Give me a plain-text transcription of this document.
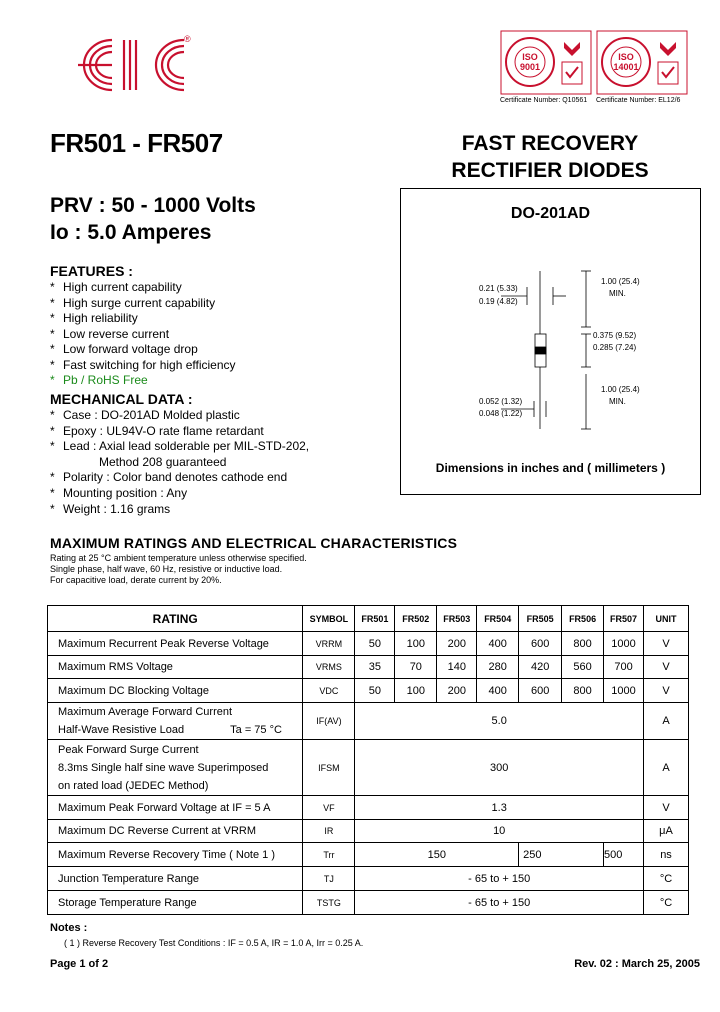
®
ISO
9001
Certificate Number: Q10561
ISO
14001
Certificate Number: EL12/6
FR501 - FR507	FAST RECOVERY
RECTIFIER DIODES
PRV : 50 - 1000 Volts
Io : 5.0 Amperes
FEATURES :
* High current capability
* High surge current capability
* High reliability
* Low reverse current
* Low forward voltage drop
* Fast switching for high efficiency
* Pb / RoHS Free
MECHANICAL DATA :
* Case : DO-201AD Molded plastic
* Epoxy : UL94V-O rate flame retardant
* Lead : Axial lead solderable per MIL-STD-202,
Method 208 guaranteed
* Polarity : Color band denotes cathode end
* Mounting position : Any
* Weight : 1.16 grams
DO-201AD
1.00 (25.4)
MIN.
0.21 (5.33)
0.19 (4.82)
0.375 (9.52)
0.285 (7.24)
1.00 (25.4)
MIN.
0.052 (1.32)
0.048 (1.22)
Dimensions in inches and ( millimeters )
MAXIMUM RATINGS AND ELECTRICAL CHARACTERISTICS
Rating at 25 °C ambient temperature unless otherwise specified.
Single phase, half wave, 60 Hz, resistive or inductive load.
For capacitive load, derate current by 20%.
RATING	SYMBOL	FR501	FR502	FR503	FR504	FR505	FR506	FR507	UNIT
Maximum Recurrent Peak Reverse Voltage	VRRM	50	100	200	400	600	800	1000	V
Maximum RMS Voltage	VRMS	35	70	140	280	420	560	700	V
Maximum DC Blocking Voltage	VDC	50	100	200	400	600	800	1000	V

Maximum Average Forward Current
Half-Wave Resistive Load Ta = 75 °C	IF(AV)	5.0							A

Peak Forward Surge Current
8.3ms Single half sine wave Superimposed
on rated load (JEDEC Method)	IFSM	300							A
Maximum Peak Forward Voltage at IF = 5 A	VF	1.3							V
Maximum DC Reverse Current at VRRM	IR	10							μA
Maximum Reverse Recovery Time ( Note 1 )	Trr	150				250		500	ns
Junction Temperature Range	TJ	- 65 to + 150							°C
Storage Temperature Range	TSTG	- 65 to + 150							°C
Notes :
( 1 ) Reverse Recovery Test Conditions : IF = 0.5 A, IR = 1.0 A, Irr = 0.25 A.
Page 1 of 2	Rev. 02 : March 25, 2005
